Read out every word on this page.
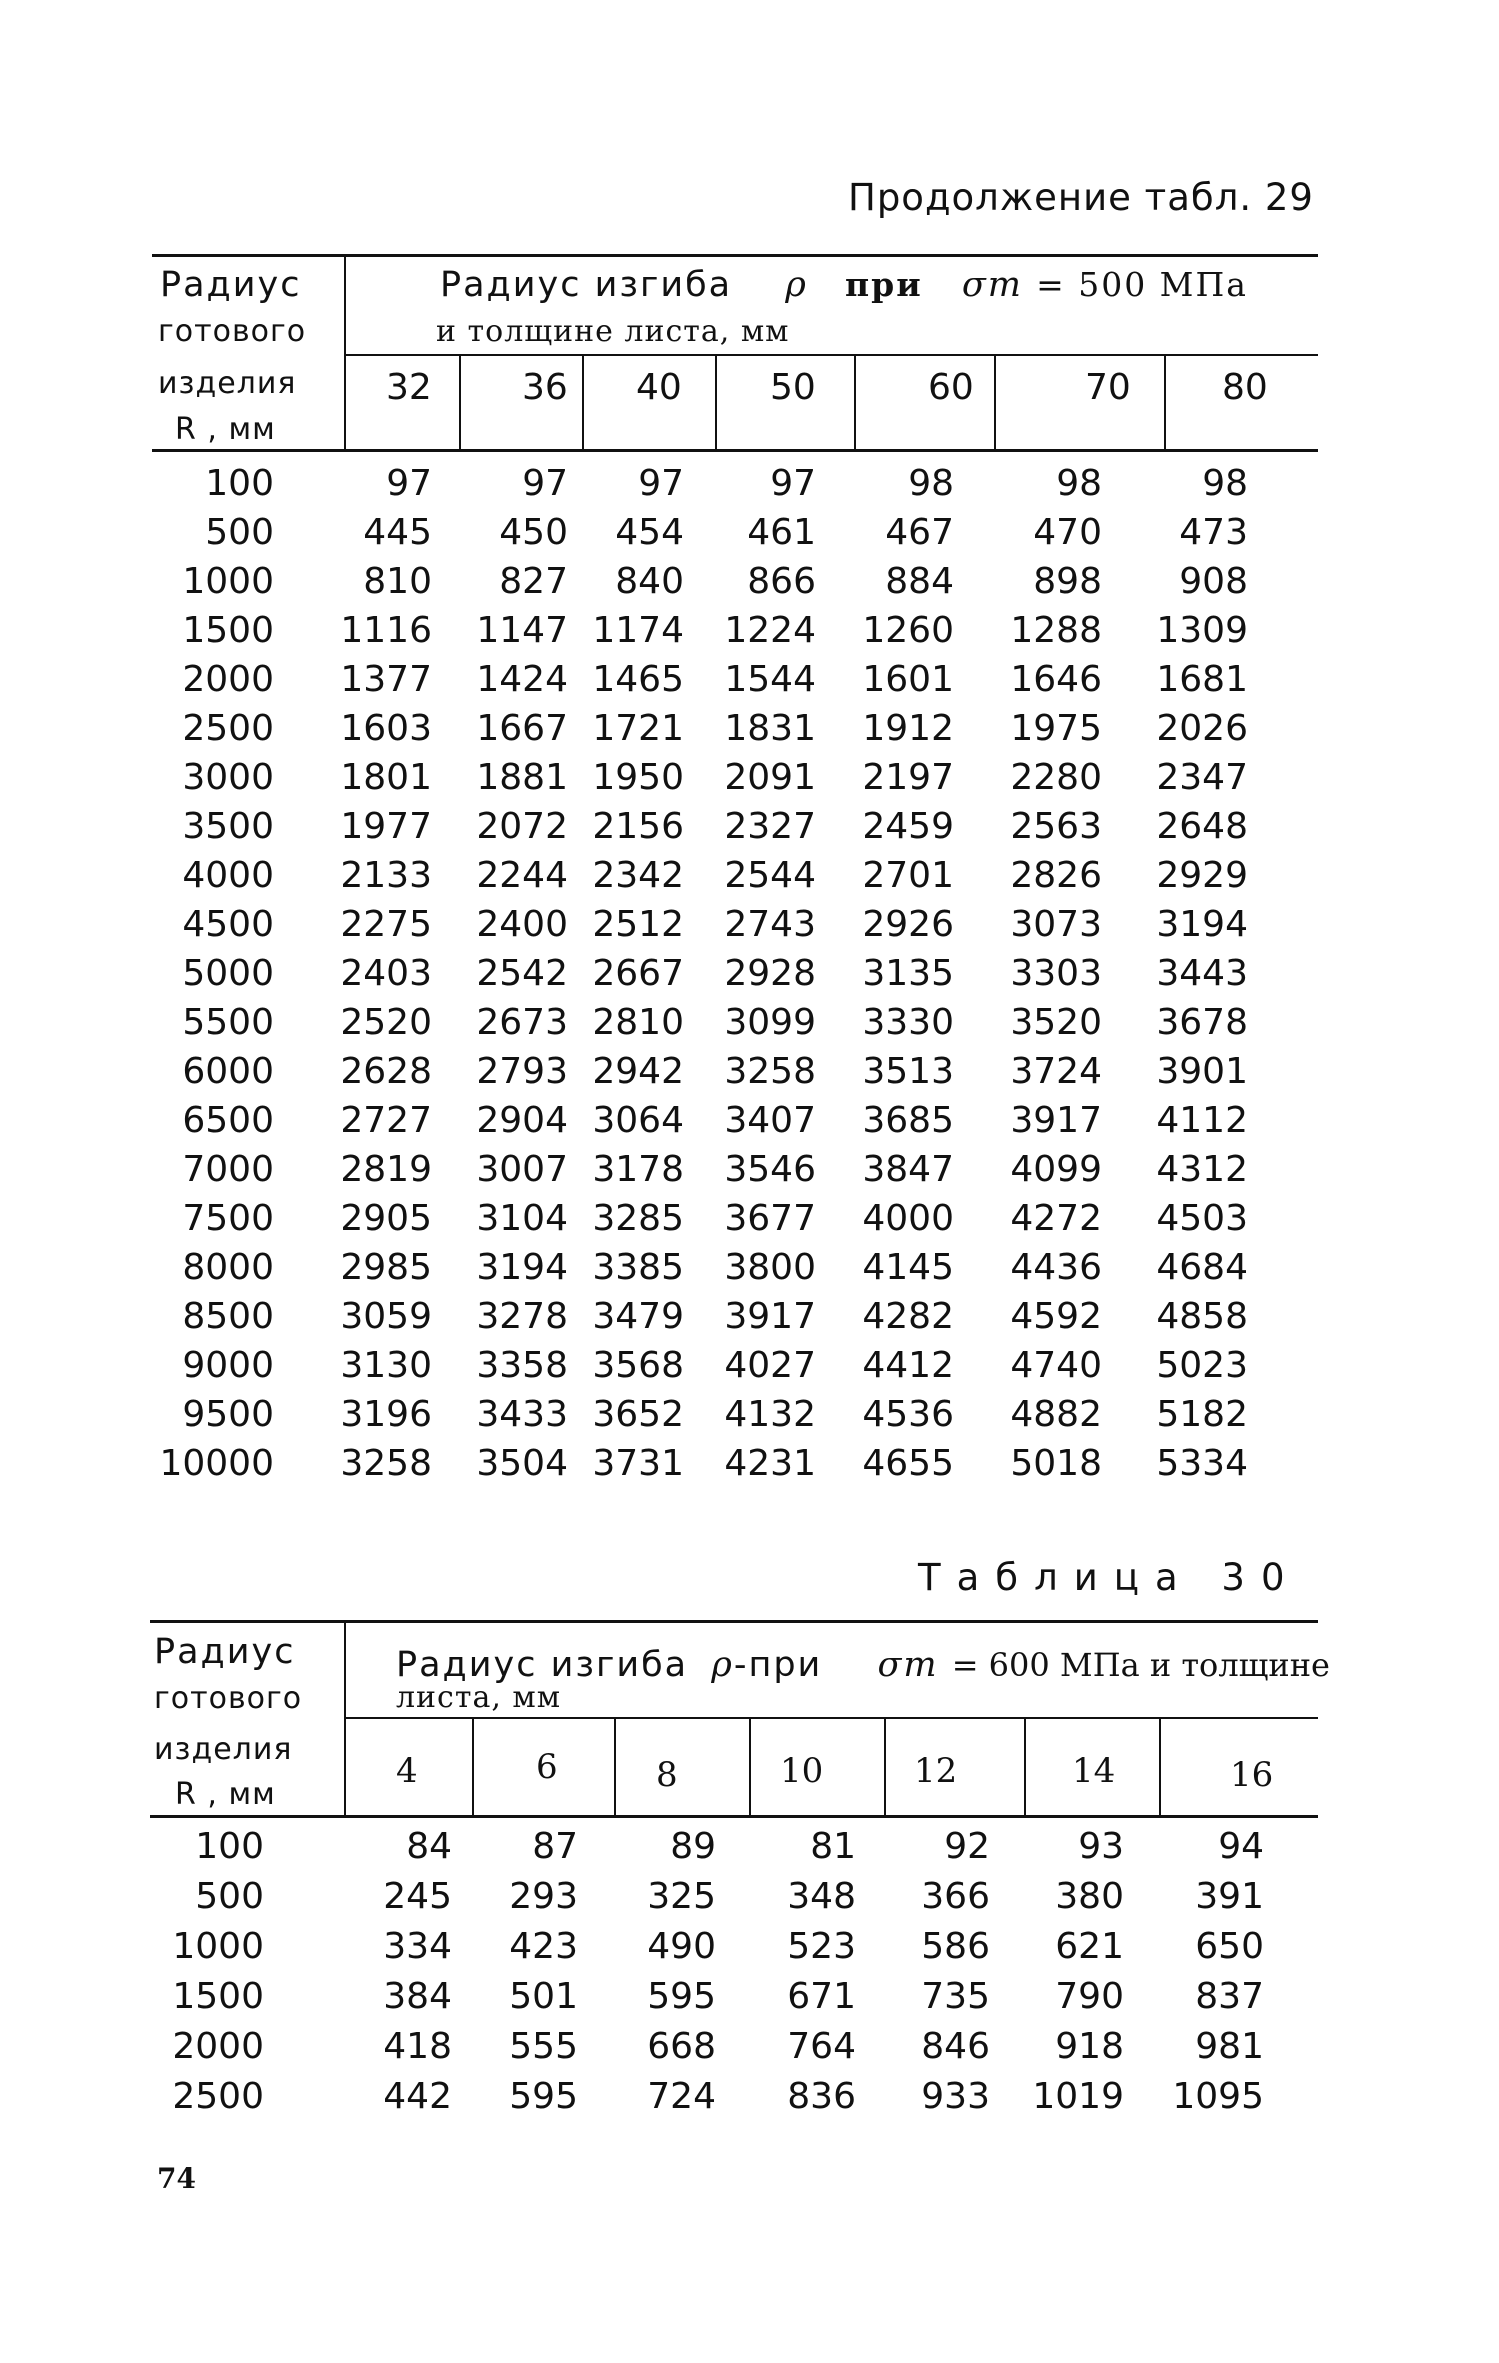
Продолжение табл. 29
Радиус
готового
изделия
R , мм
Радиус изгиба ρ при σт = 500 МПа
и толщине листа, мм
32	36 40 50	60	70	80
100	97	97 97 97	98	98	98
500 445 450 454 461 467 470 473
1000 810 827 840 866 884 898 908
1500 1116 1147 1174 1224 1260 1288 1309
2000 1377 1424 1465 1544 1601 1646 1681
2500 1603 1667 1721 1831 1912 1975 2026
3000 1801 1881 1950 2091 2197 2280 2347
3500 1977 2072 2156 2327 2459 2563 2648
4000 2133 2244 2342 2544 2701 2826 2929
4500 2275 2400 2512 2743 2926 3073 3194
5000 2403 2542 2667 2928 3135 3303 3443
5500 2520 2673 2810 3099 3330 3520 3678
6000 2628 2793 2942 3258 3513 3724 3901
6500 2727 2904 3064 3407 3685 3917 4112
7000 2819 3007 3178 3546 3847 4099 4312
7500 2905 3104 3285 3677 4000 4272 4503
8000 2985 3194 3385 3800 4145 4436 4684
8500 3059 3278 3479 3917 4282 4592 4858
9000 3130 3358 3568 4027 4412 4740 5023
9500 3196 3433 3652 4132 4536 4882 5182
10000 3258 3504 3731 4231 4655 5018 5334
Таблица 30
Радиус
готового
изделия
R , мм
Радиус изгиба ρ-при σт = 600 МПа и толщине
листа, мм
4	6	8	10	12	14	16
100	84 87	89	81 92 93	94
500	245 293 325 348 366 380 391
1000	334 423 490 523 586 621 650
1500	384 501 595 671 735 790 837
2000	418 555 668 764 846 918 981
2500	442 595 724 836 933 1019 1095
74
